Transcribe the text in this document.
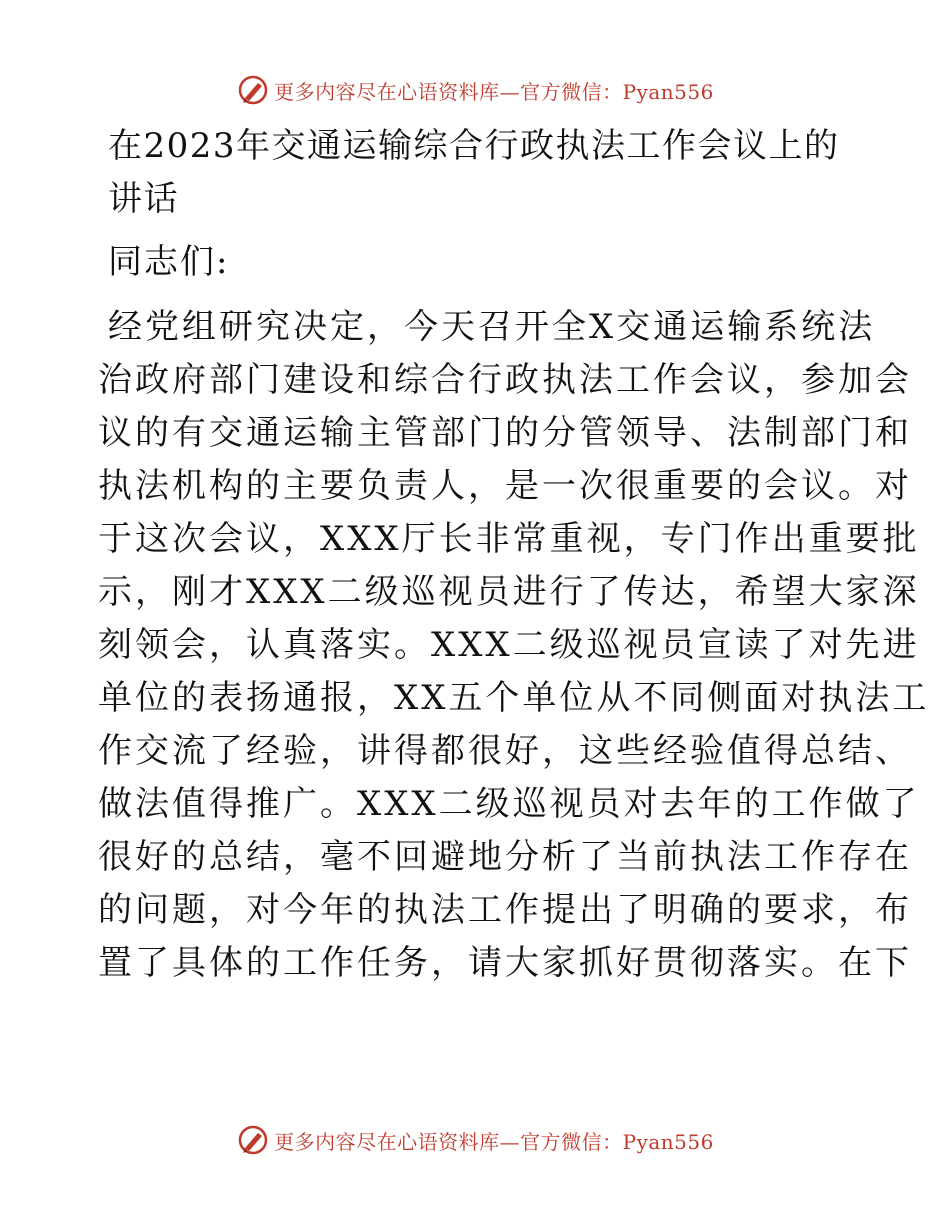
更多内容尽在心语资料库—官方微信：Pyan556
在2023年交通运输综合行政执法工作会议上的讲话

同志们:

经党组研究决定，今天召开全X交通运输系统法
治政府部门建设和综合行政执法工作会议，参加会
议的有交通运输主管部门的分管领导、法制部门和
执法机构的主要负责人，是一次很重要的会议。对
于这次会议，XXX厅长非常重视，专门作出重要批
示，刚才XXX二级巡视员进行了传达，希望大家深
刻领会，认真落实。XXX二级巡视员宣读了对先进
单位的表扬通报，XX五个单位从不同侧面对执法工
作交流了经验，讲得都很好，这些经验值得总结、
做法值得推广。XXX二级巡视员对去年的工作做了
很好的总结，毫不回避地分析了当前执法工作存在
的问题，对今年的执法工作提出了明确的要求，布
置了具体的工作任务，请大家抓好贯彻落实。在下
更多内容尽在心语资料库—官方微信：Pyan556
